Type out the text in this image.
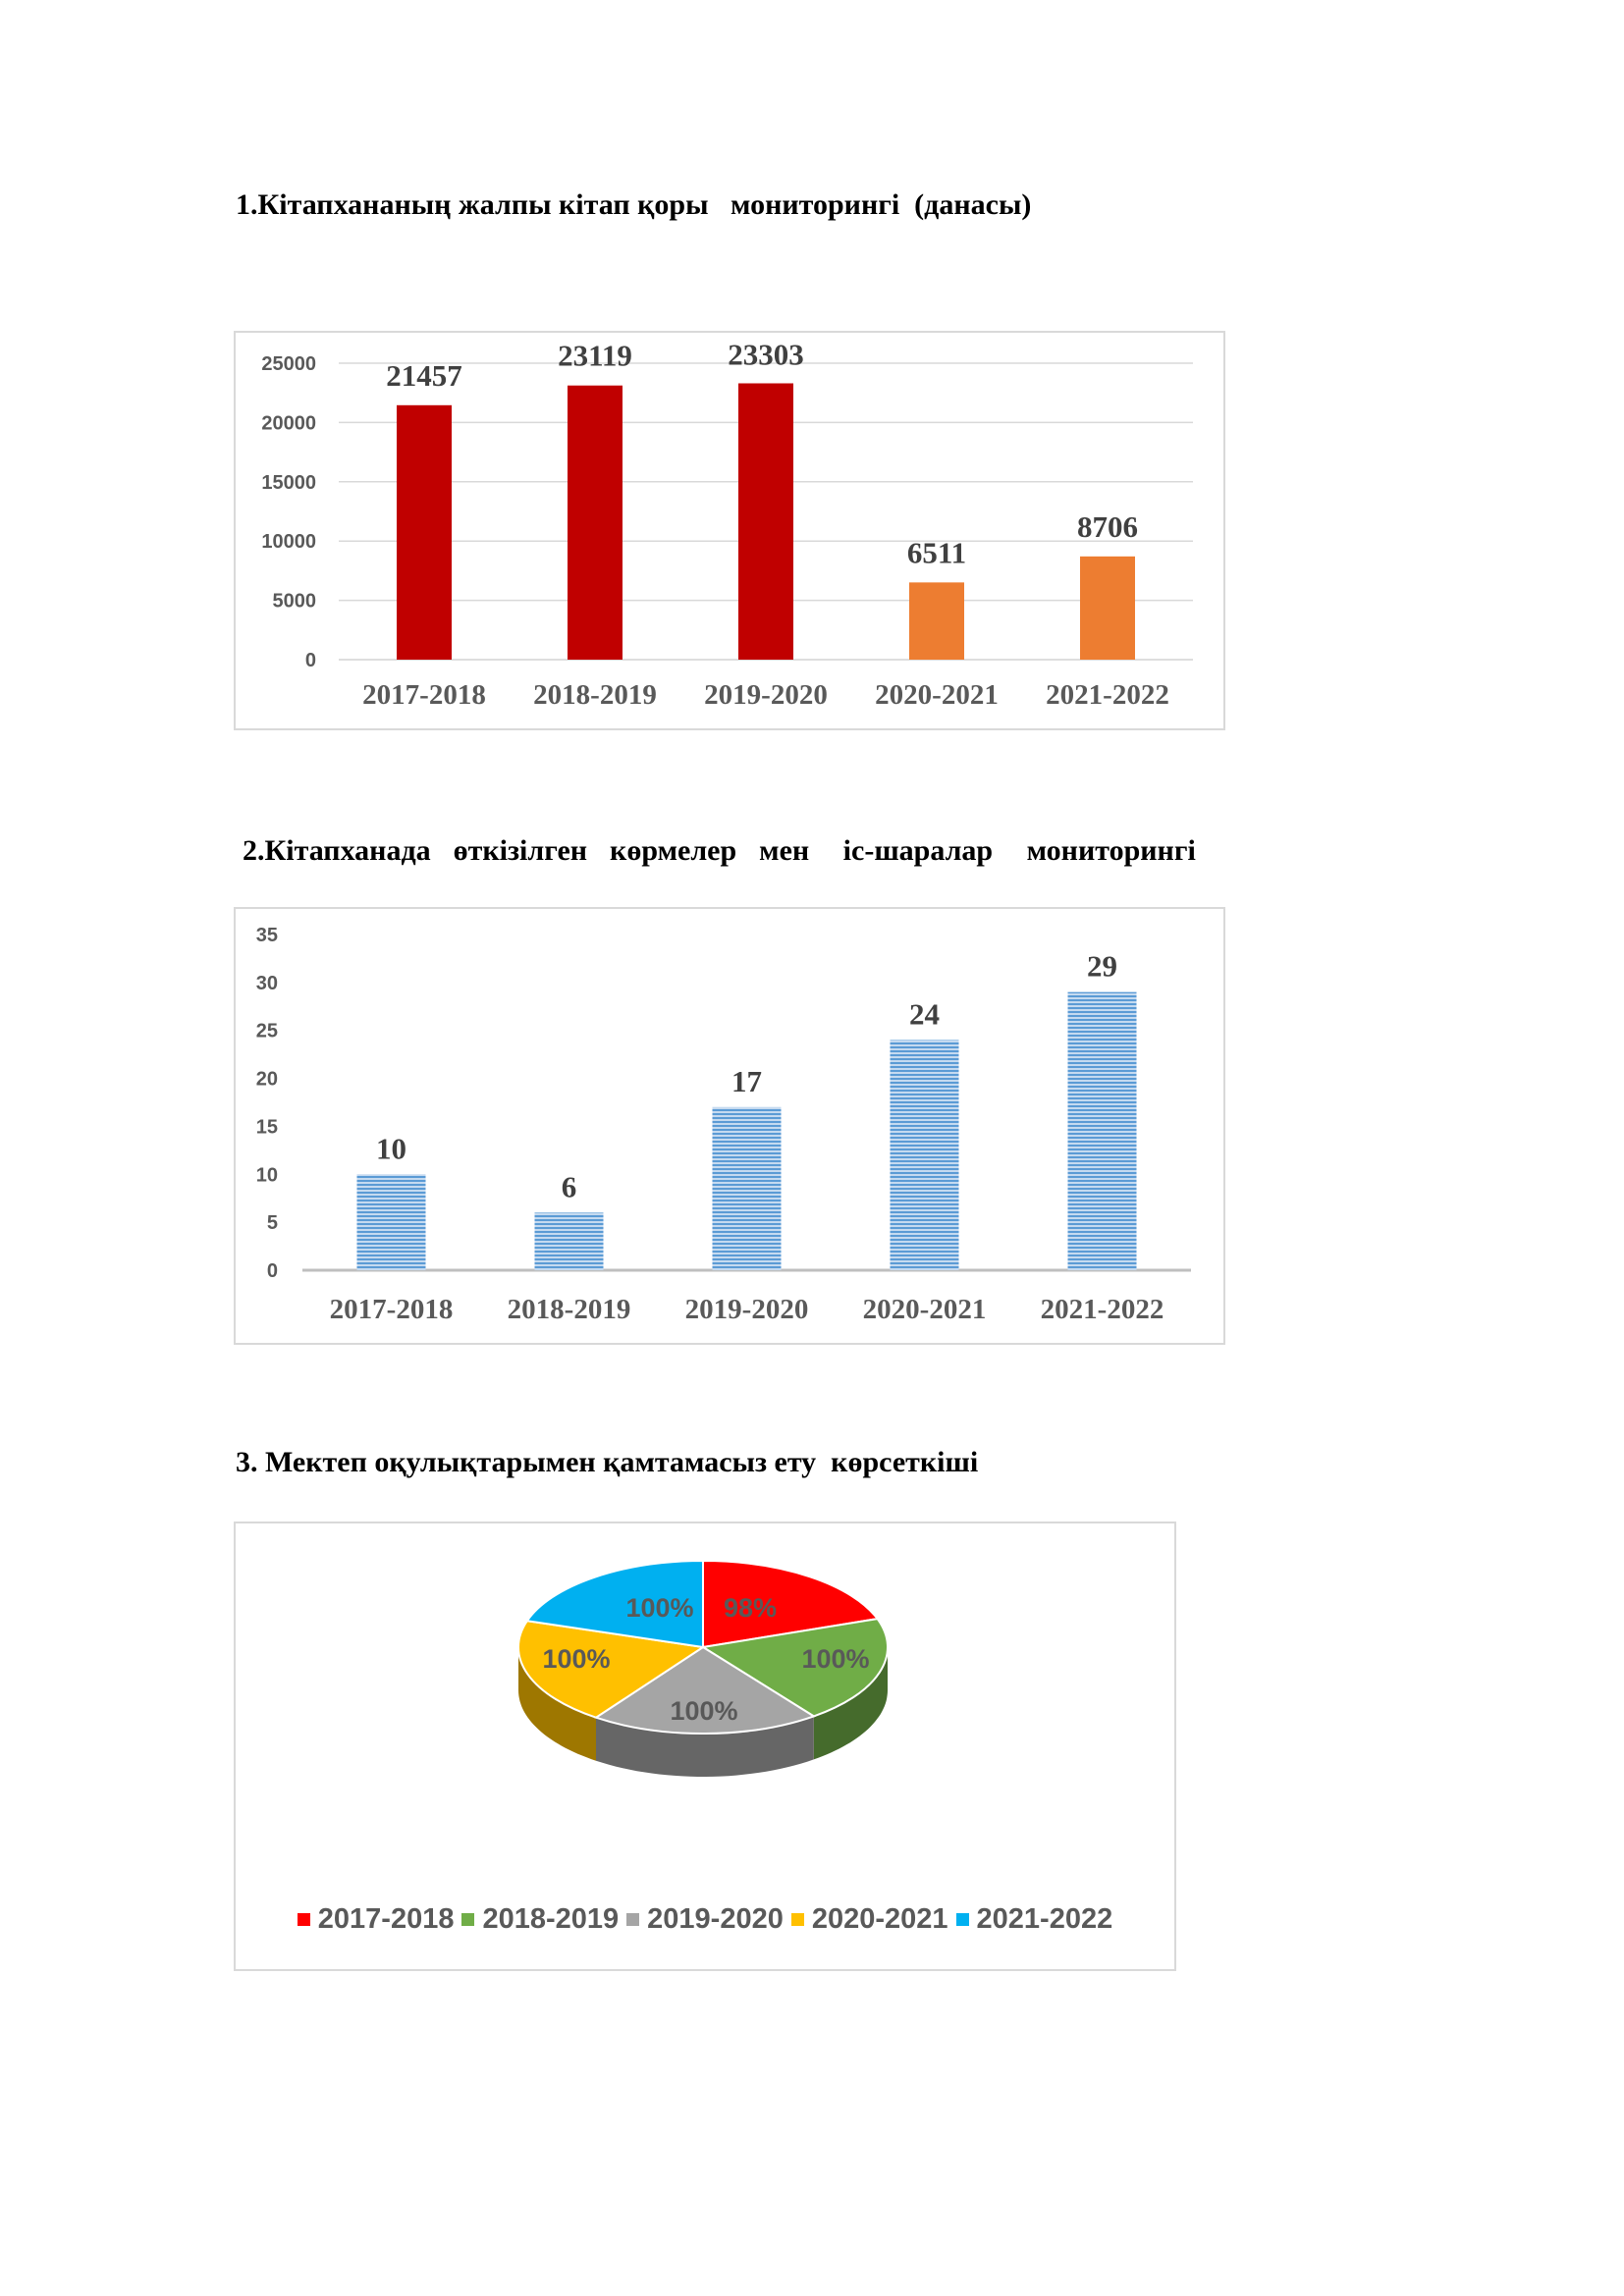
1.Кітапхананың жалпы кітап қоры   мониторингі  (данасы)
0
5000
10000
15000
20000
25000 21457
2017-2018
23119
2018-2019
23303
2019-2020
6511
2020-2021
8706
2021-2022
2.Кітапханада  өткізілген  көрмелер  мен   іс-шаралар   мониторингі
0
5
10
15
20
25
30
35
10
2017-2018
6
2018-2019
17
2019-2020
24
2020-2021
29
2021-2022
3. Мектеп оқулықтарымен қамтамасыз ету  көрсеткіші
98%
100%
100%
100%
100%
2017-2018 2018-2019 2019-2020 2020-2021 2021-2022
